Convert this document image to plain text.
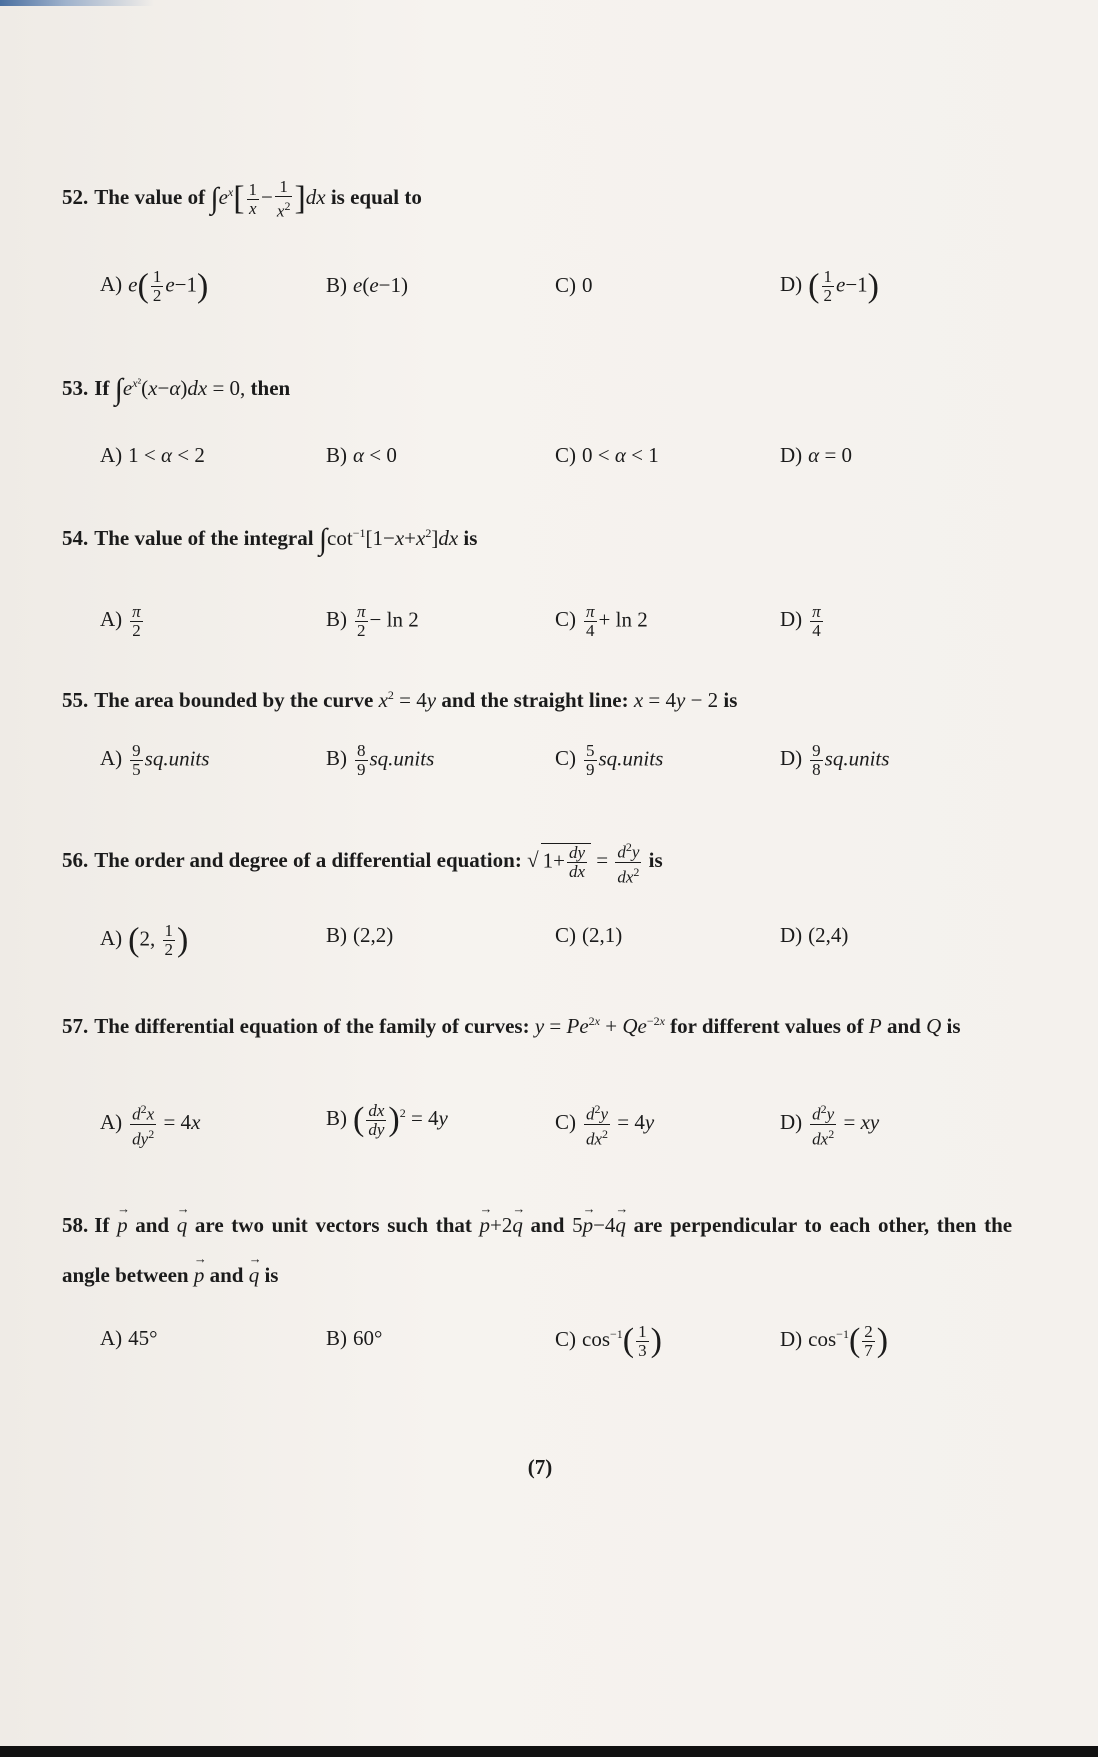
52. The value of $\int e^x[ \frac{1}{x} - \frac{1}{x^2} ]dx$ is equal to
A) $e( \frac{1}{2} e-1)$	B) e(e−1)	C) 0	D) ( $\frac{1}{2} e-1$)
53. If $\int e^{x^2}(x-\alpha)dx = 0$, then
A) 1 < α < 2	B) α < 0	C) 0 < α < 1	D) α = 0
54. The value of the integral $\int\cot^{-1}[1-x+x^2]dx$ is
$A) \frac{\pi}{2}$	$B) \frac{\pi}{2} - \ln 2$	$C) \frac{\pi}{4} + \ln 2$	$D) \frac{\pi}{4}$
55. The area bounded by the curve $x^2 = 4y$ and the straight line: x = 4y − 2 is
$A) \frac{9}{5}$ sq.units	$B) \frac{8}{9}$ sq.units	$C) \frac{5}{9}$ sq.units	$D) \frac{9}{8}$ sq.units
56. The order and degree of a differential equation: √ $1+ \frac{dy}{dx} = \frac{d^2y}{dx^2}$ is
A) (2, $\frac{1}{2}$ )	B) (2,2)	C) (2,1)	D) (2,4)
57. The differential equation of the family of curves: $y = Pe^{2x} + Qe^{-2x}$ for different values of P and Q is
$A) \frac{d^2x}{dy^2} = 4x$	B) ( $\frac{dx}{dy} )^2 = 4y$	$C) \frac{d^2y}{dx^2} = 4y$	$D) \frac{d^2y}{dx^2}$ = xy
58. If → p and → q are two unit vectors such that → p+2→ q and 5→ p−4→ q are perpendicular to each other, then the angle between → p and → q is
A) 45°	B) 60°	C) $\cos^{-1}( \frac{1}{3}$ )	D) $\cos^{-1}( \frac{2}{7}$ )
(7)
